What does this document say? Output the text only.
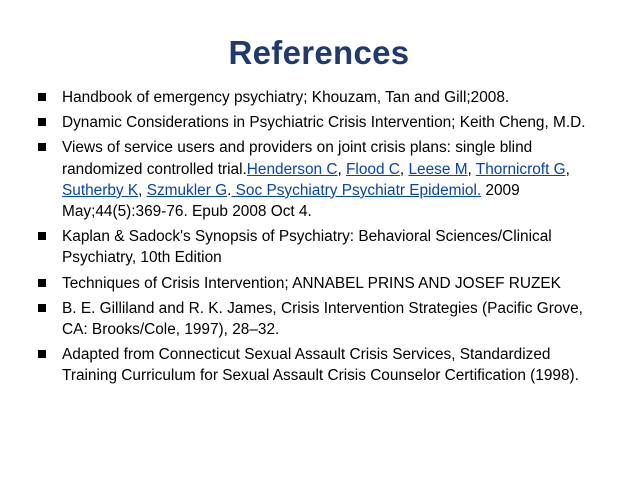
References
Handbook of emergency psychiatry; Khouzam, Tan and Gill;2008.
Dynamic Considerations in Psychiatric Crisis Intervention; Keith Cheng, M.D.
Views of service users and providers on joint crisis plans: single blind randomized controlled trial.Henderson C, Flood C, Leese M, Thornicroft G, Sutherby K, Szmukler G. Soc Psychiatry Psychiatr Epidemiol. 2009 May;44(5):369-76. Epub 2008 Oct 4.
Kaplan & Sadock's Synopsis of Psychiatry: Behavioral Sciences/Clinical Psychiatry, 10th Edition
Techniques of Crisis Intervention; ANNABEL PRINS AND JOSEF RUZEK
B. E. Gilliland and R. K. James, Crisis Intervention Strategies (Pacific Grove, CA: Brooks/Cole, 1997), 28–32.
Adapted from Connecticut Sexual Assault Crisis Services, Standardized Training Curriculum for Sexual Assault Crisis Counselor Certification (1998).
